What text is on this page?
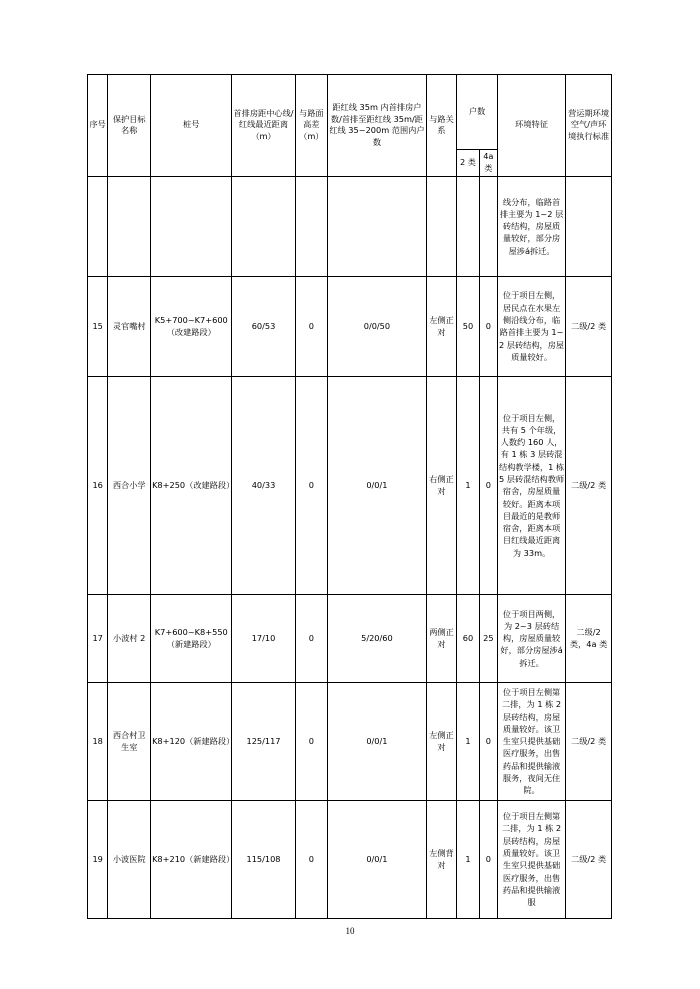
序号	保护目标名称	桩号	首排房距中心线/红线最近距离（m）	与路面高差（m）	距红线 35m 内首排房户数/首排至距红线 35m/距红线 35~200m 范围内户数	与路关系	户数		环境特征	营运期环境空气/声环境执行标准
							2 类	4a 类		
									线分布，临路首排主要为 1~2 层砖结构，房屋质量较好，部分房屋涉á拆迁。	
15	灵官嘴村	K5+700~K7+600（改建路段）	60/53	0	0/0/50	左侧正对	50	0	位于项目左侧，居民点在水果左侧沿线分布，临路首排主要为 1~2 层砖结构，房屋质量较好。	二级/2 类
16	西合小学	K8+250（改建路段）	40/33	0	0/0/1	右侧正对	1	0	位于项目左侧，共有 5 个年级，人数约 160 人，有 1 栋 3 层砖混结构教学楼，1 栋 5 层砖混结构教师宿舍，房屋质量较好。距离本项目最近的是教师宿舍，距离本项目红线最近距离为 33m。	二级/2 类
17	小波村 2	K7+600~K8+550（新建路段）	17/10	0	5/20/60	两侧正对	60	25	位于项目两侧，为 2~3 层砖结构，房屋质量较好，部分房屋涉á拆迁。	二级/2 类，4a 类
18	西合村卫生室	K8+120（新建路段）	125/117	0	0/0/1	左侧正对	1	0	位于项目左侧第二排，为 1 栋 2 层砖结构，房屋质量较好。该卫生室只提供基础医疗服务，出售药品和提供输液服务，夜间无住院。	二级/2 类
19	小波医院	K8+210（新建路段）	115/108	0	0/0/1	左侧背对	1	0	位于项目左侧第二排，为 1 栋 2 层砖结构，房屋质量较好。该卫生室只提供基础医疗服务，出售药品和提供输液服	二级/2 类
10
